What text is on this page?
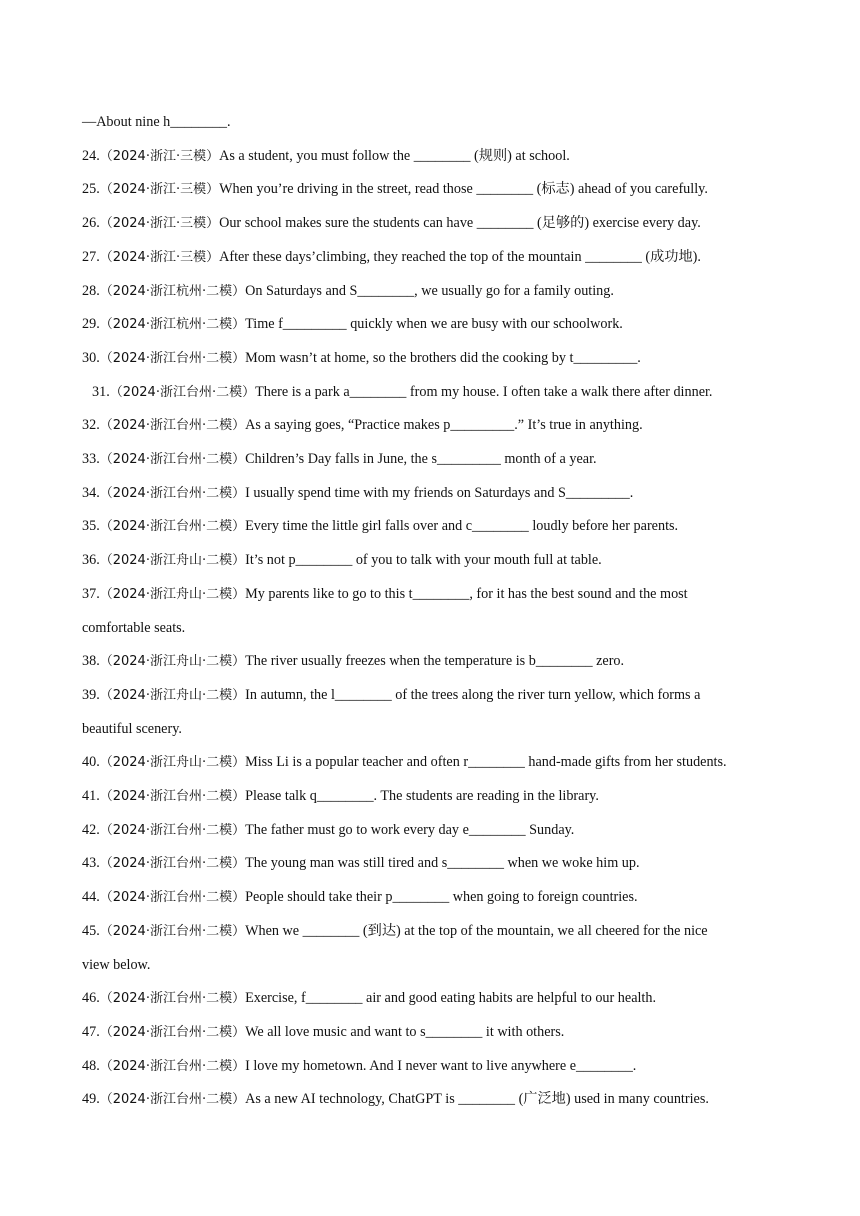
—About nine h________.
24.（2024·浙江·三模）As a student, you must follow the ________ (规则) at school.
25.（2024·浙江·三模）When you’re driving in the street, read those ________ (标志) ahead of you carefully.
26.（2024·浙江·三模）Our school makes sure the students can have ________ (足够的) exercise every day.
27.（2024·浙江·三模）After these days’climbing, they reached the top of the mountain ________ (成功地).
28.（2024·浙江杭州·二模）On Saturdays and S________, we usually go for a family outing.
29.（2024·浙江杭州·二模）Time f_________ quickly when we are busy with our schoolwork.
30.（2024·浙江台州·二模）Mom wasn’t at home, so the brothers did the cooking by t_________.
31.（2024·浙江台州·二模）There is a park a________ from my house. I often take a walk there after dinner.
32.（2024·浙江台州·二模）As a saying goes, “Practice makes p_________.” It’s true in anything.
33.（2024·浙江台州·二模）Children’s Day falls in June, the s_________ month of a year.
34.（2024·浙江台州·二模）I usually spend time with my friends on Saturdays and S_________.
35.（2024·浙江台州·二模）Every time the little girl falls over and c________ loudly before her parents.
36.（2024·浙江舟山·二模）It’s not p________ of you to talk with your mouth full at table.
37.（2024·浙江舟山·二模）My parents like to go to this t________, for it has the best sound and the most
comfortable seats.
38.（2024·浙江舟山·二模）The river usually freezes when the temperature is b________ zero.
39.（2024·浙江舟山·二模）In autumn, the l________ of the trees along the river turn yellow, which forms a
beautiful scenery.
40.（2024·浙江舟山·二模）Miss Li is a popular teacher and often r________ hand-made gifts from her students.
41.（2024·浙江台州·二模）Please talk q________. The students are reading in the library.
42.（2024·浙江台州·二模）The father must go to work every day e________ Sunday.
43.（2024·浙江台州·二模）The young man was still tired and s________ when we woke him up.
44.（2024·浙江台州·二模）People should take their p________ when going to foreign countries.
45.（2024·浙江台州·二模）When we ________ (到达) at the top of the mountain, we all cheered for the nice
view below.
46.（2024·浙江台州·二模）Exercise, f________ air and good eating habits are helpful to our health.
47.（2024·浙江台州·二模）We all love music and want to s________ it with others.
48.（2024·浙江台州·二模）I love my hometown. And I never want to live anywhere e________.
49.（2024·浙江台州·二模）As a new AI technology, ChatGPT is ________ (广泛地) used in many countries.
